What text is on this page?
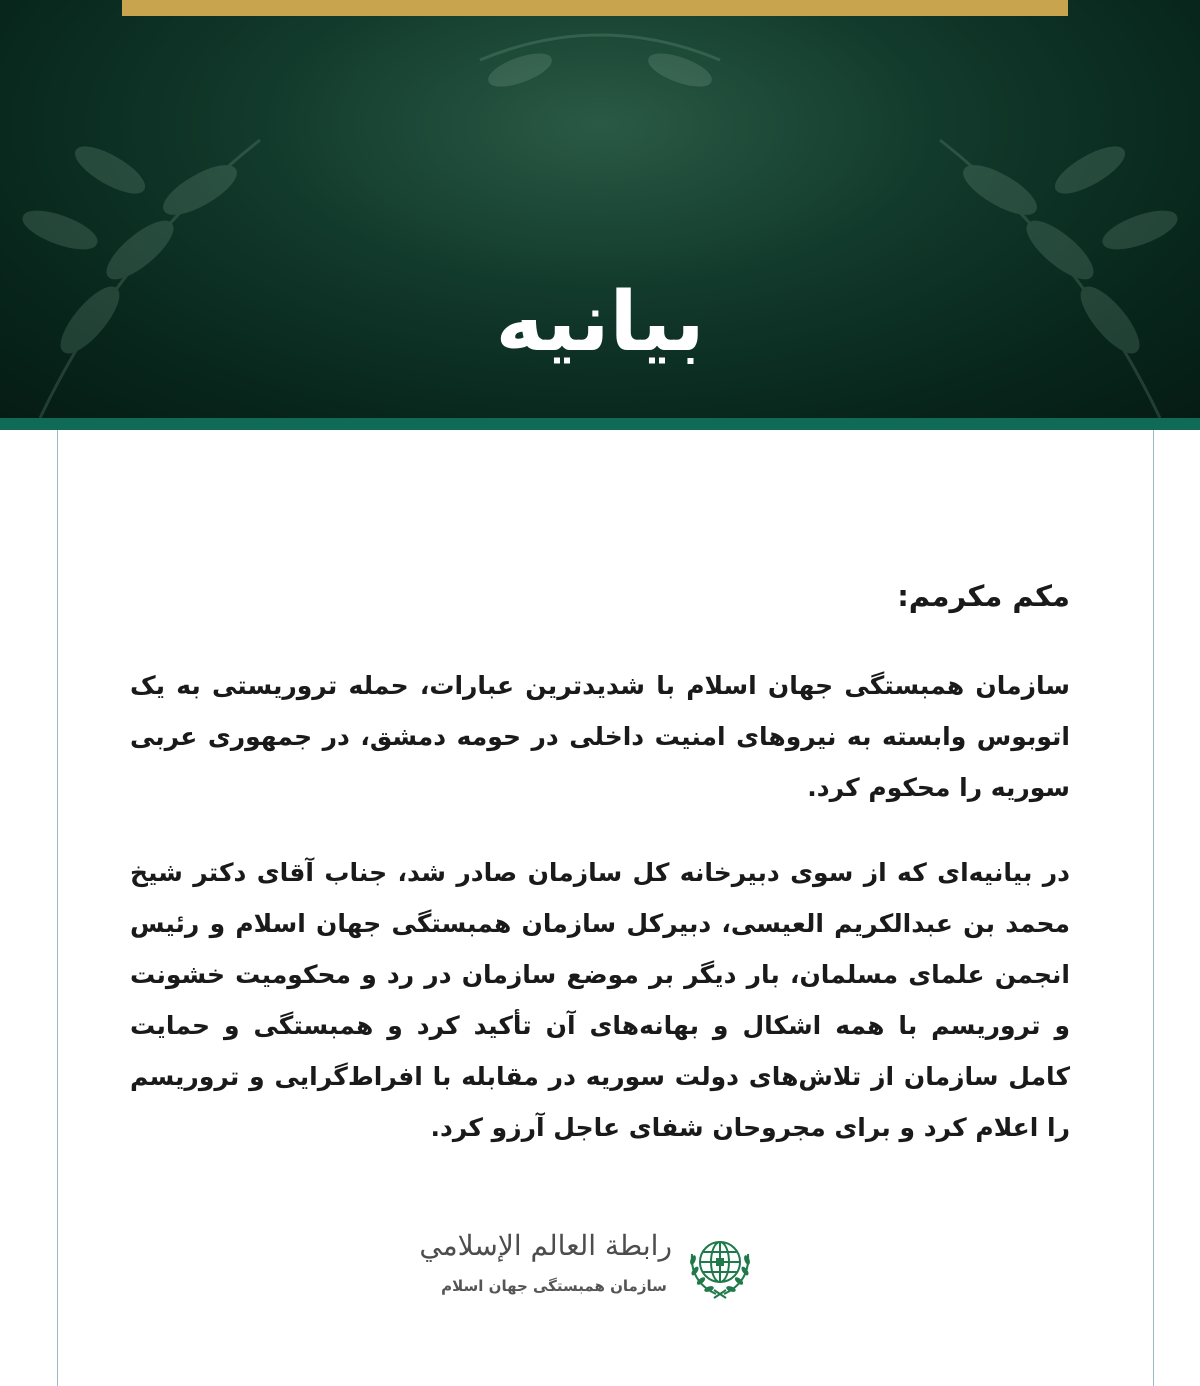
بیانیه
مکم مکرمم:

سازمان همبستگی جهان اسلام با شدیدترین عبارات، حمله تروریستی به یک اتوبوس وابسته به نیروهای امنیت داخلی در حومه دمشق، در جمهوری عربی سوریه را محکوم کرد.

در بیانیه‌ای که از سوی دبیرخانه کل سازمان صادر شد، جناب آقای دکتر شیخ محمد بن عبدالکریم العیسی، دبیرکل سازمان همبستگی جهان اسلام و رئیس انجمن علمای مسلمان، بار دیگر بر موضع سازمان در رد و محکومیت خشونت و تروریسم با همه اشکال و بهانه‌های آن تأکید کرد و همبستگی و حمایت کامل سازمان از تلاش‌های دولت سوریه در مقابله با افراط‌گرایی و تروریسم را اعلام کرد و برای مجروحان شفای عاجل آرزو کرد.

رابطة العالم الإسلامي
سازمان همبستگی جهان اسلام
